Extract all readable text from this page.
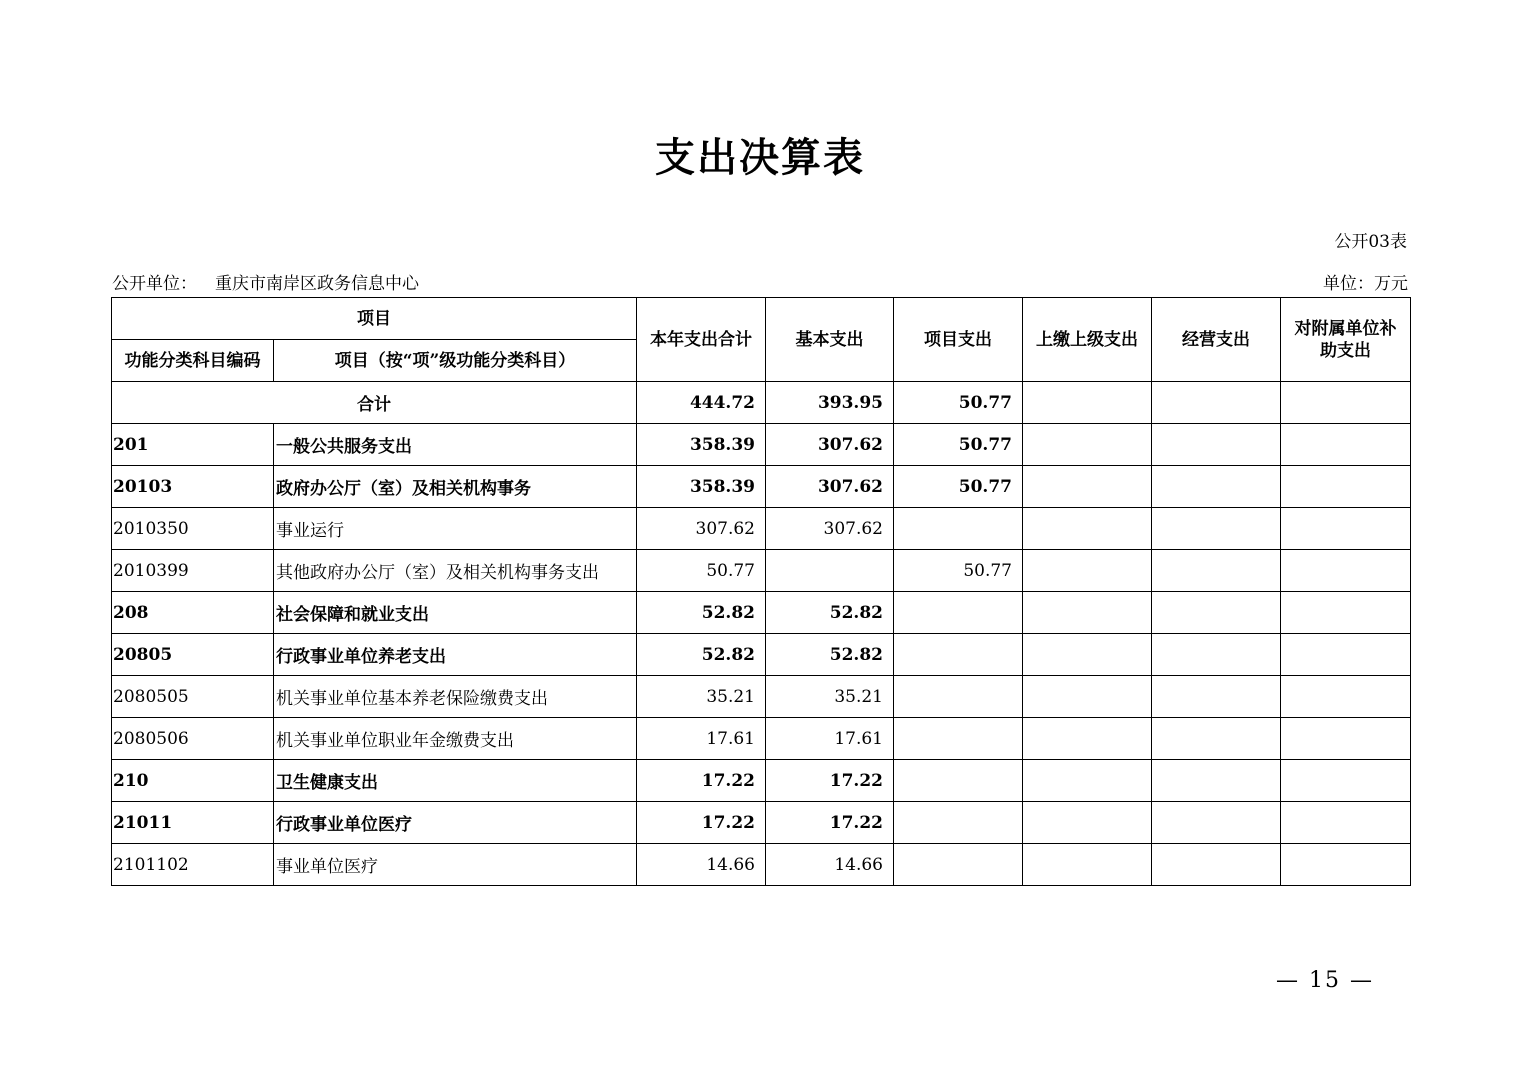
支出决算表
公开03表
公开单位： 重庆市南岸区政务信息中心	单位：万元
项目		本年支出合计	基本支出	项目支出	上缴上级支出	经营支出	对附属单位补助支出
功能分类科目编码	项目（按“项”级功能分类科目）						
合计		444.72	393.95	50.77			
201	一般公共服务支出	358.39	307.62	50.77			
20103	政府办公厅（室）及相关机构事务	358.39	307.62	50.77			
2010350	事业运行	307.62	307.62				
2010399	其他政府办公厅（室）及相关机构事务支出	50.77		50.77			
208	社会保障和就业支出	52.82	52.82				
20805	行政事业单位养老支出	52.82	52.82				
2080505	机关事业单位基本养老保险缴费支出	35.21	35.21				
2080506	机关事业单位职业年金缴费支出	17.61	17.61				
210	卫生健康支出	17.22	17.22				
21011	行政事业单位医疗	17.22	17.22				
2101102	事业单位医疗	14.66	14.66				
— 15 —
